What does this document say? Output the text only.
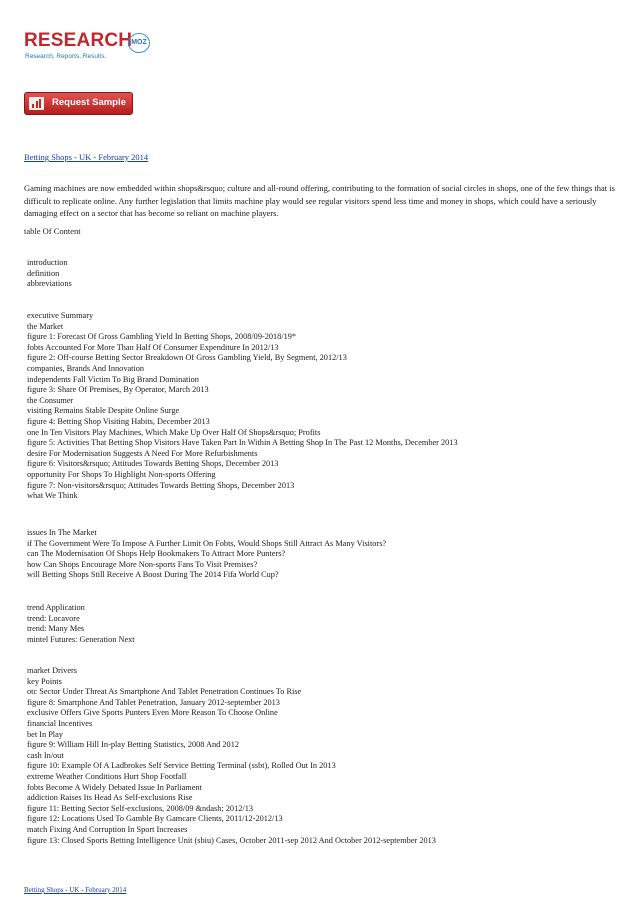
RESEARCH
MOZ
Research, Reports, Results.
Request Sample
Betting Shops - UK - February 2014

Gaming machines are now embedded within shops&rsquo; culture and all-round offering, contributing to the formation of social circles in shops, one of the few things that is difficult to replicate online. Any further legislation that limits machine play would see regular visitors spend less time and money in shops, which could have a seriously damaging effect on a sector that has become so reliant on machine players.

table Of Content
introduction
definition
abbreviations
executive Summary
the Market
figure 1: Forecast Of Gross Gambling Yield In Betting Shops, 2008/09-2018/19*
fobts Accounted For More Than Half Of Consumer Expenditure In 2012/13
figure 2: Off-course Betting Sector Breakdown Of Gross Gambling Yield, By Segment, 2012/13
companies, Brands And Innovation
independents Fall Victim To Big Brand Domination
figure 3: Share Of Premises, By Operator, March 2013
the Consumer
visiting Remains Stable Despite Online Surge
figure 4: Betting Shop Visiting Habits, December 2013
one In Ten Visitors Play Machines, Which Make Up Over Half Of Shops&rsquo; Profits
figure 5: Activities That Betting Shop Visitors Have Taken Part In Within A Betting Shop In The Past 12 Months, December 2013
desire For Modernisation Suggests A Need For More Refurbishments
figure 6: Visitors&rsquo; Attitudes Towards Betting Shops, December 2013
opportunity For Shops To Highlight Non-sports Offering
figure 7: Non-visitors&rsquo; Attitudes Towards Betting Shops, December 2013
what We Think
issues In The Market
if The Government Were To Impose A Further Limit On Fobts, Would Shops Still Attract As Many Visitors?
can The Modernisation Of Shops Help Bookmakers To Attract More Punters?
how Can Shops Encourage More Non-sports Fans To Visit Premises?
will Betting Shops Still Receive A Boost During The 2014 Fifa World Cup?
trend Application
trend: Locavore
trend: Many Mes
mintel Futures: Generation Next
market Drivers
key Points
otc Sector Under Threat As Smartphone And Tablet Penetration Continues To Rise
figure 8: Smartphone And Tablet Penetration, January 2012-september 2013
exclusive Offers Give Sports Punters Even More Reason To Choose Online
financial Incentives
bet In Play
figure 9: William Hill In-play Betting Statistics, 2008 And 2012
cash In/out
figure 10: Example Of A Ladbrokes Self Service Betting Terminal (ssbt), Rolled Out In 2013
extreme Weather Conditions Hurt Shop Footfall
fobts Become A Widely Debated Issue In Parliament
addiction Raises Its Head As Self-exclusions Rise
figure 11: Betting Sector Self-exclusions, 2008/09 &ndash; 2012/13
figure 12: Locations Used To Gamble By Gamcare Clients, 2011/12-2012/13
match Fixing And Corruption In Sport Increases
figure 13: Closed Sports Betting Intelligence Unit (sbiu) Cases, October 2011-sep 2012 And October 2012-september 2013
Betting Shops - UK - February 2014
